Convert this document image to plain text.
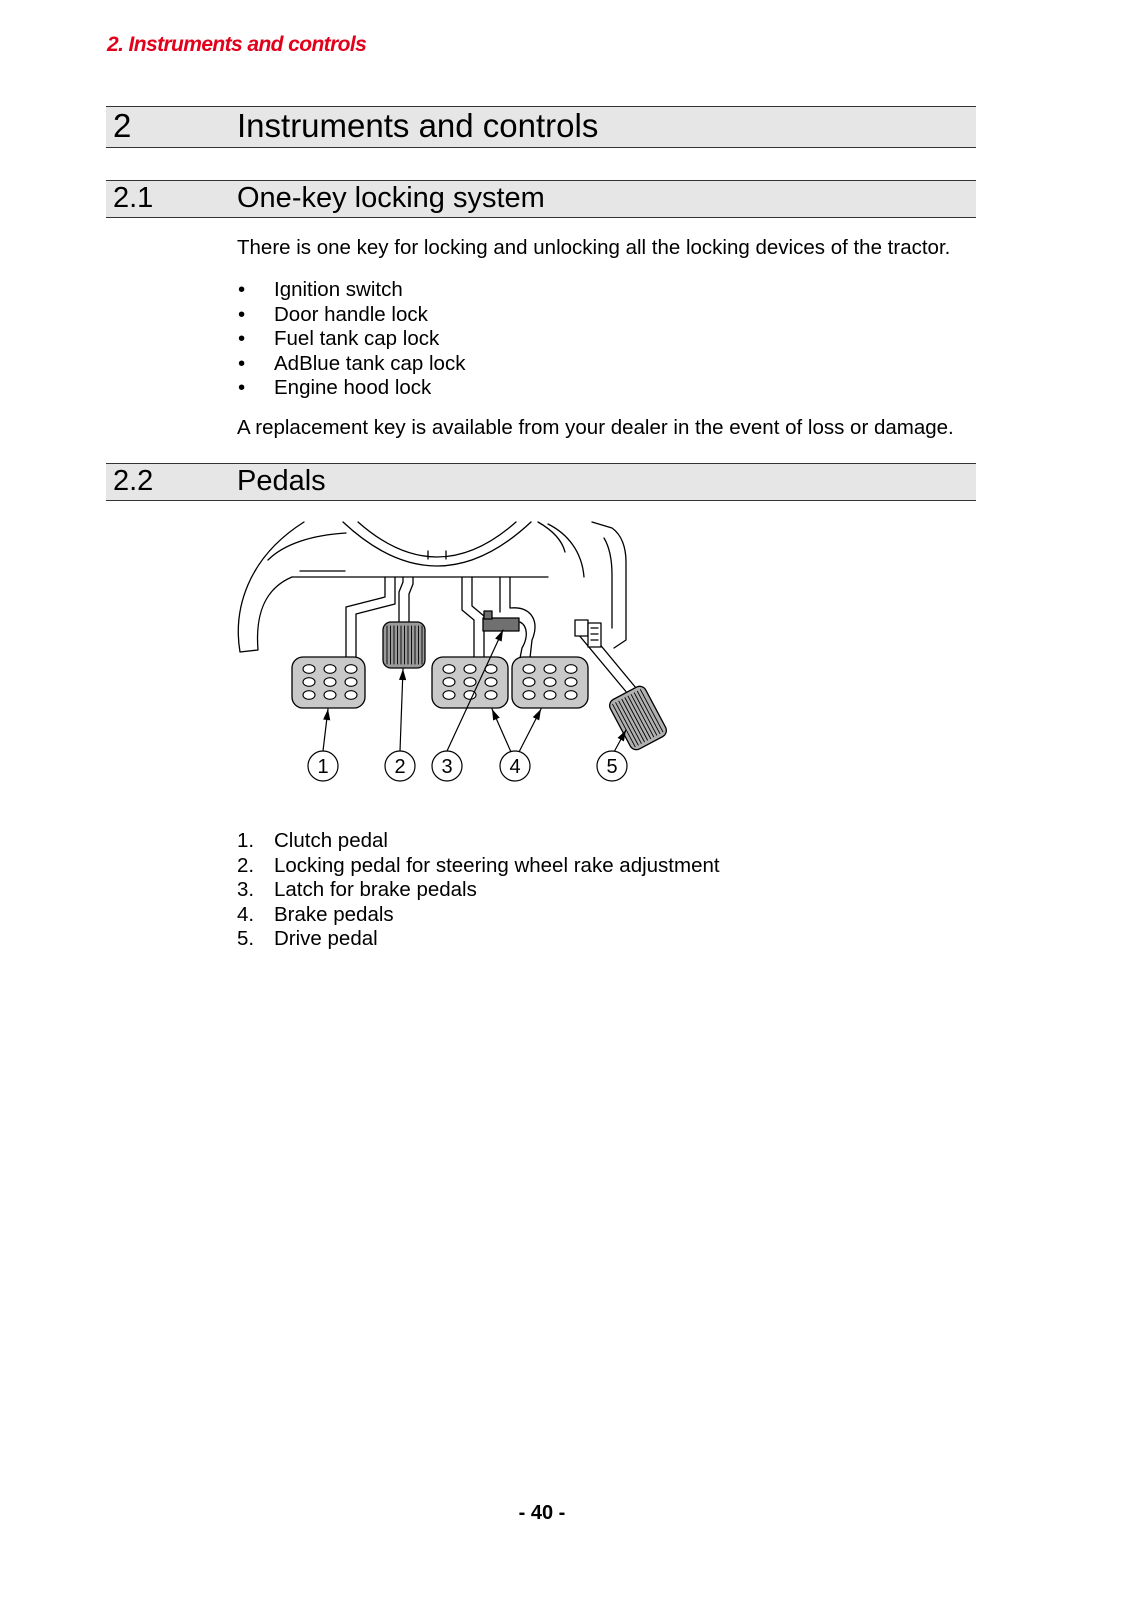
2. Instruments and controls
2	Instruments and controls
2.1	One-key locking system
There is one key for locking and unlocking all the locking devices of the tractor.
• Ignition switch
• Door handle lock
• Fuel tank cap lock
• AdBlue tank cap lock
• Engine hood lock
A replacement key is available from your dealer in the event of loss or damage.
2.2	Pedals
1	2 3	4	5
1. Clutch pedal
2. Locking pedal for steering wheel rake adjustment
3. Latch for brake pedals
4. Brake pedals
5. Drive pedal
- 40 -
